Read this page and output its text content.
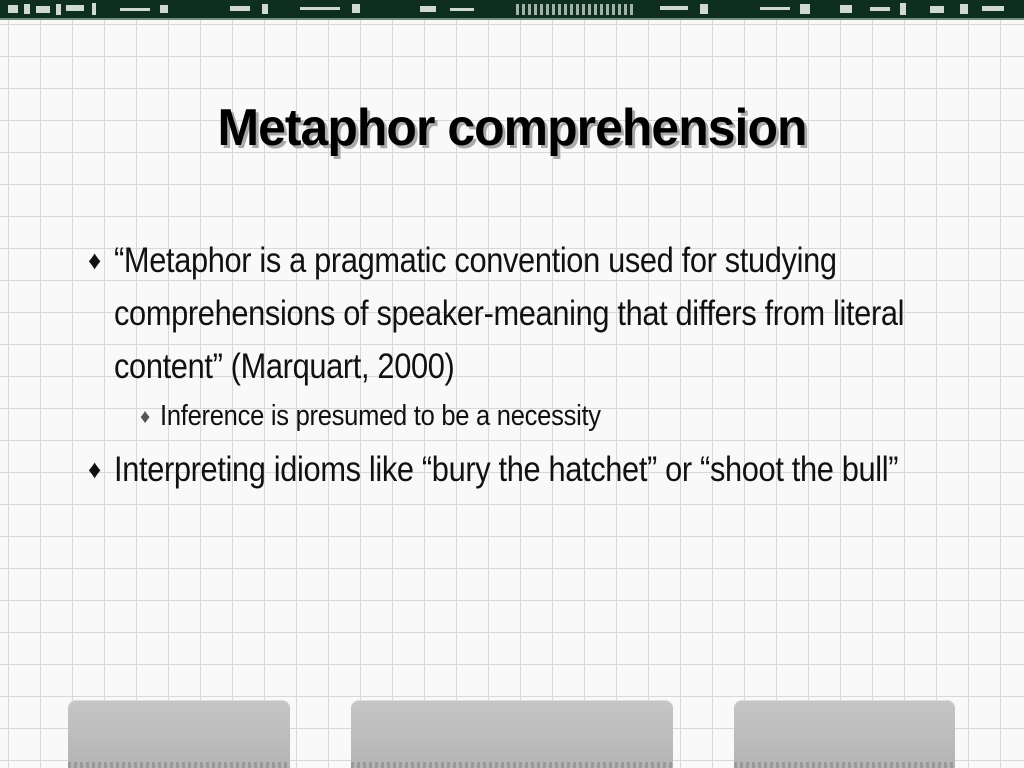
Metaphor comprehension
♦ “Metaphor is a pragmatic convention used for studying comprehensions of speaker-meaning that differs from literal content” (Marquart, 2000)
♦ Inference is presumed to be a necessity
♦ Interpreting idioms like “bury the hatchet” or “shoot the bull”
